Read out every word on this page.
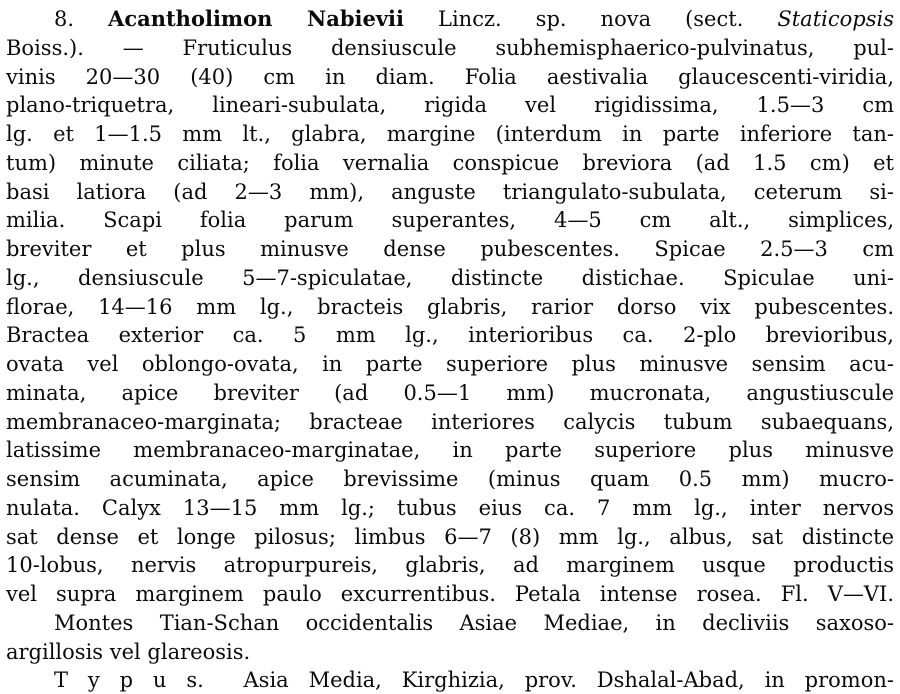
8. Acantholimon Nabievii Lincz. sp. nova (sect. Staticopsis
Boiss.). — Fruticulus densiuscule subhemisphaerico-pulvinatus, pul-
vinis 20—30 (40) cm in diam. Folia aestivalia glaucescenti-viridia,
plano-triquetra, lineari-subulata, rigida vel rigidissima, 1.5—3 cm
lg. et 1—1.5 mm lt., glabra, margine (interdum in parte inferiore tan-
tum) minute ciliata; folia vernalia conspicue breviora (ad 1.5 cm) et
basi latiora (ad 2—3 mm), anguste triangulato-subulata, ceterum si-
milia. Scapi folia parum superantes, 4—5 cm alt., simplices,
breviter et plus minusve dense pubescentes. Spicae 2.5—3 cm
lg., densiuscule 5—7-spiculatae, distincte distichae. Spiculae uni-
florae, 14—16 mm lg., bracteis glabris, rarior dorso vix pubescentes.
Bractea exterior ca. 5 mm lg., interioribus ca. 2-plo brevioribus,
ovata vel oblongo-ovata, in parte superiore plus minusve sensim acu-
minata, apice breviter (ad 0.5—1 mm) mucronata, angustiuscule
membranaceo-marginata; bracteae interiores calycis tubum subaequans,
latissime membranaceo-marginatae, in parte superiore plus minusve
sensim acuminata, apice brevissime (minus quam 0.5 mm) mucro-
nulata. Calyx 13—15 mm lg.; tubus eius ca. 7 mm lg., inter nervos
sat dense et longe pilosus; limbus 6—7 (8) mm lg., albus, sat distincte
10-lobus, nervis atropurpureis, glabris, ad marginem usque productis
vel supra marginem paulo excurrentibus. Petala intense rosea. Fl. V—VI.
Montes Tian-Schan occidentalis Asiae Mediae, in decliviis saxoso-
argillosis vel glareosis.
T y p u s.  Asia Media, Kirghizia, prov. Dshalal-Abad, in promon-
